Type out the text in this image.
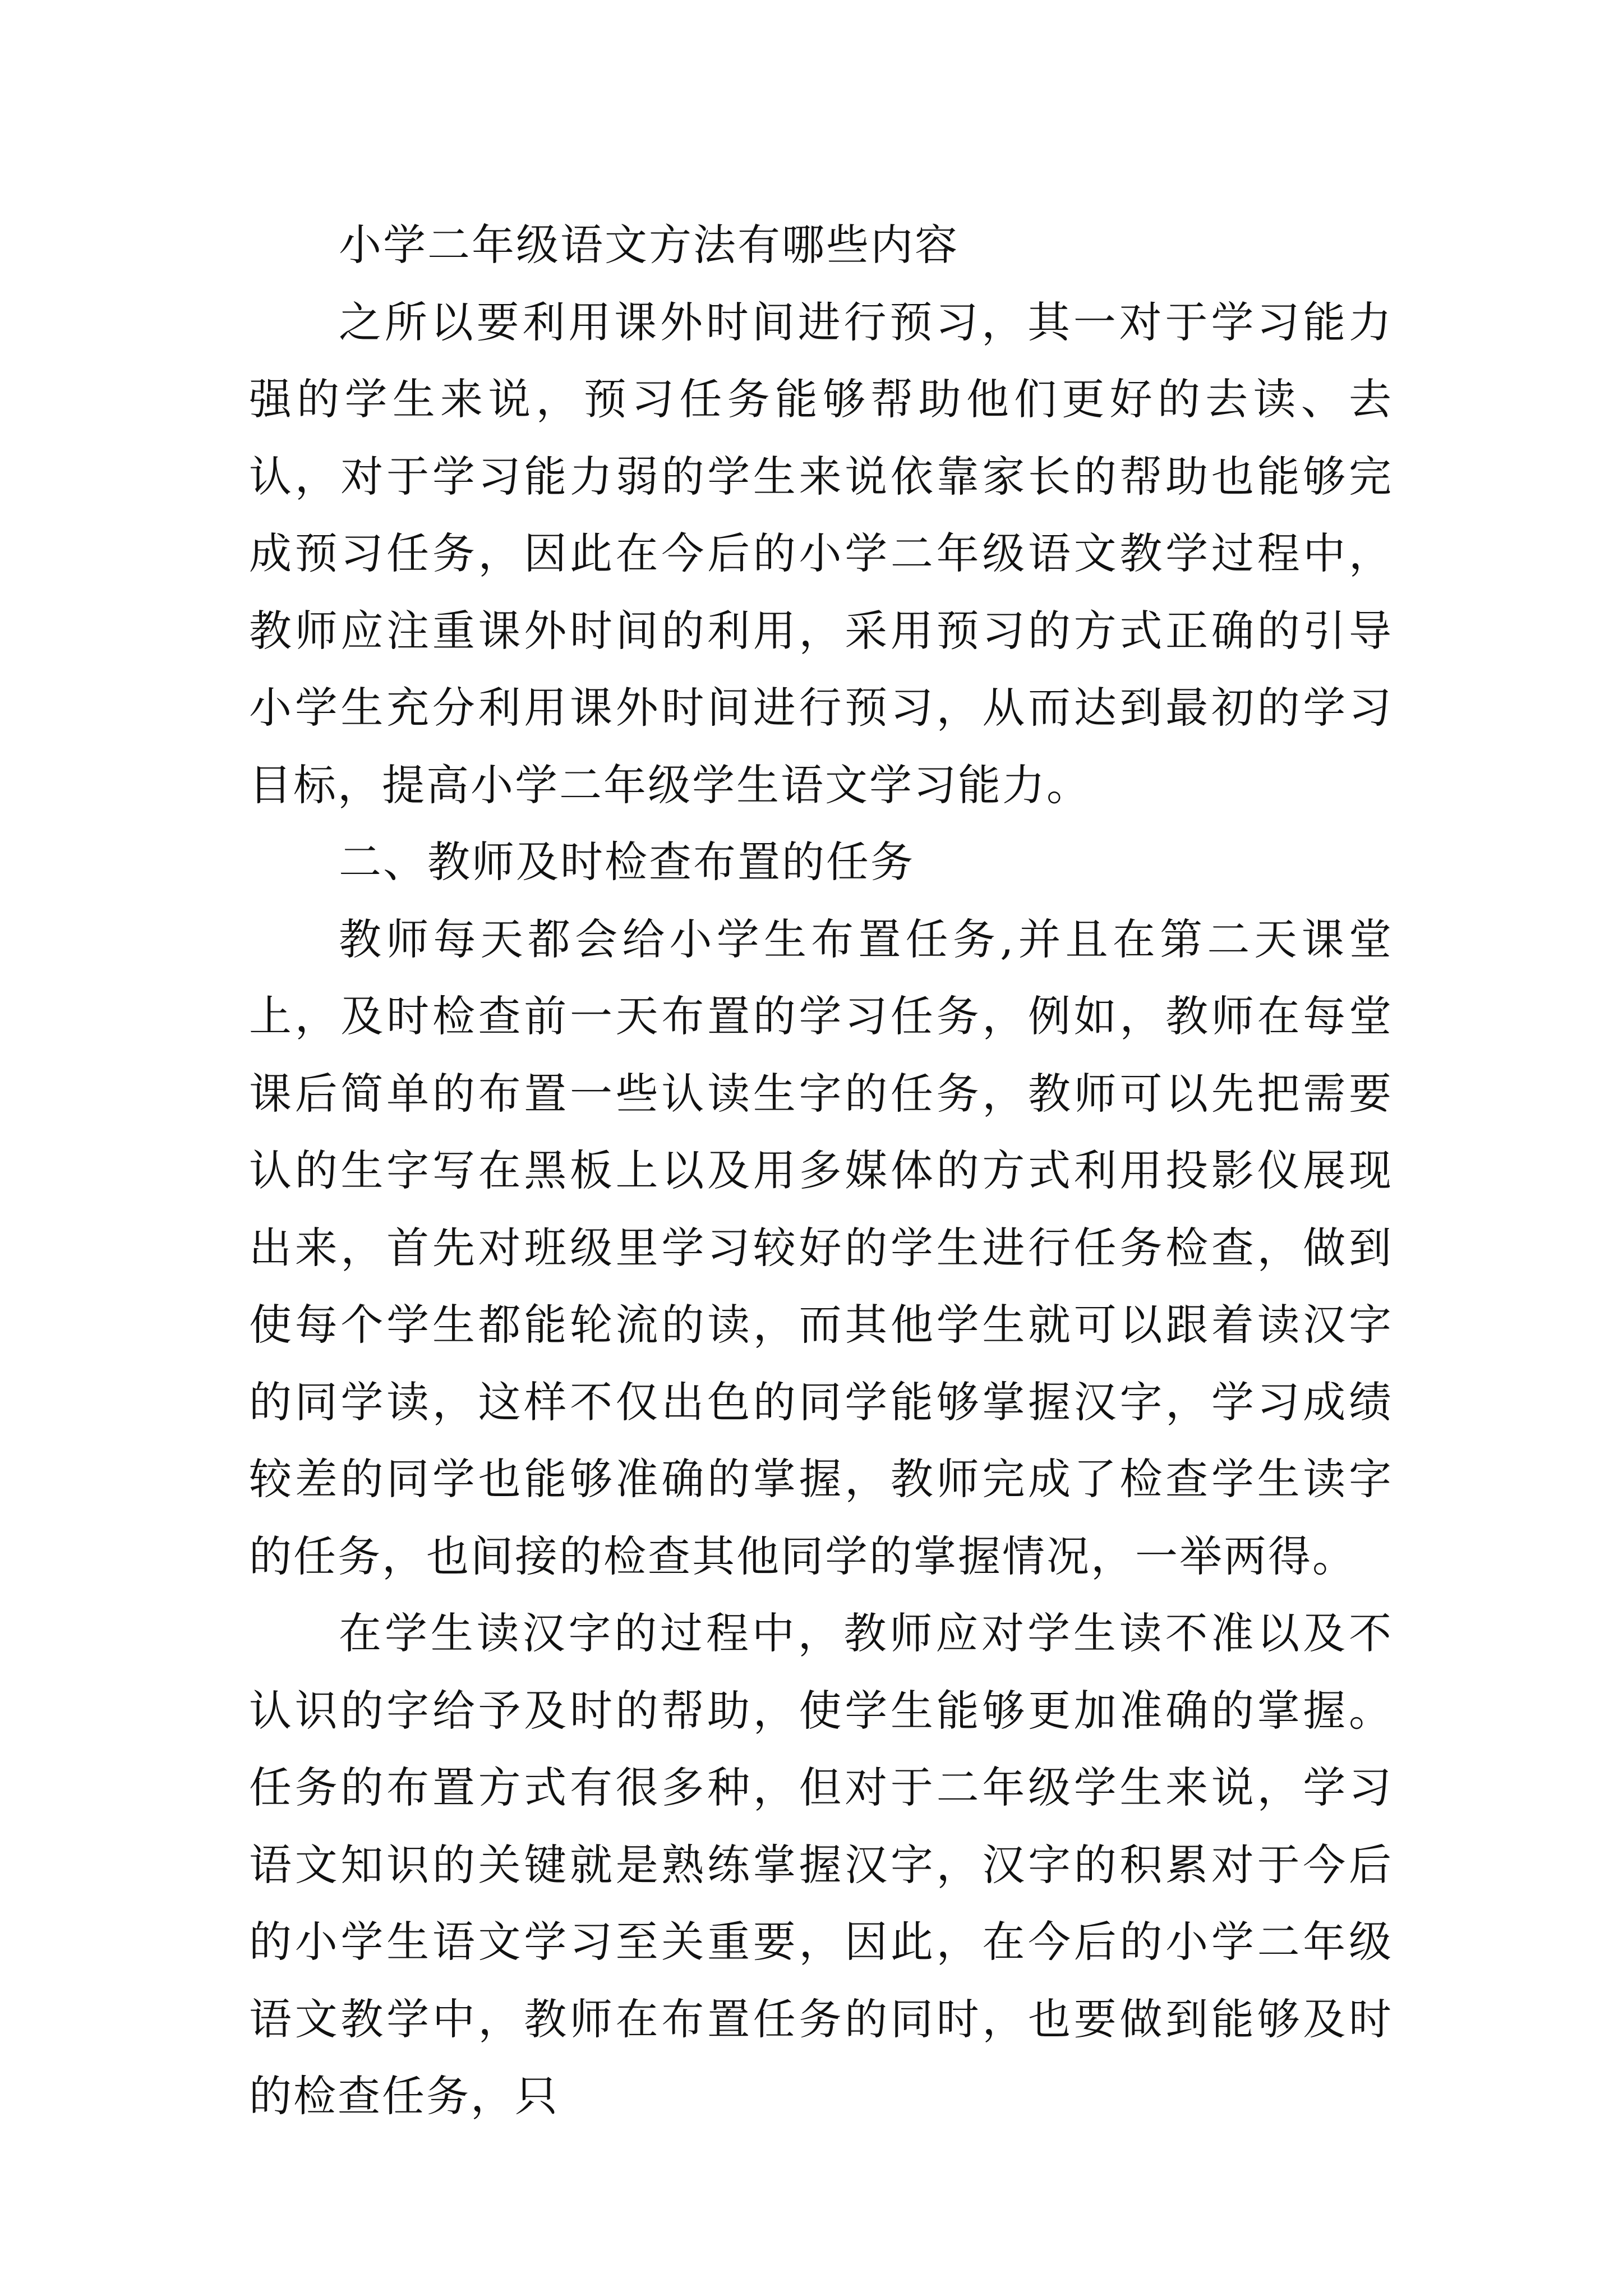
小学二年级语文方法有哪些内容

之所以要利用课外时间进行预习，其一对于学习能力强的学生来说，预习任务能够帮助他们更好的去读、去认，对于学习能力弱的学生来说依靠家长的帮助也能够完成预习任务，因此在今后的小学二年级语文教学过程中，教师应注重课外时间的利用，采用预习的方式正确的引导小学生充分利用课外时间进行预习，从而达到最初的学习目标，提高小学二年级学生语文学习能力。

二、教师及时检查布置的任务

教师每天都会给小学生布置任务,并且在第二天课堂上，及时检查前一天布置的学习任务，例如，教师在每堂课后简单的布置一些认读生字的任务，教师可以先把需要认的生字写在黑板上以及用多媒体的方式利用投影仪展现出来，首先对班级里学习较好的学生进行任务检查，做到使每个学生都能轮流的读，而其他学生就可以跟着读汉字的同学读，这样不仅出色的同学能够掌握汉字，学习成绩较差的同学也能够准确的掌握，教师完成了检查学生读字的任务，也间接的检查其他同学的掌握情况，一举两得。

在学生读汉字的过程中，教师应对学生读不准以及不认识的字给予及时的帮助，使学生能够更加准确的掌握。任务的布置方式有很多种，但对于二年级学生来说，学习语文知识的关键就是熟练掌握汉字，汉字的积累对于今后的小学生语文学习至关重要，因此，在今后的小学二年级语文教学中，教师在布置任务的同时，也要做到能够及时的检查任务，只
